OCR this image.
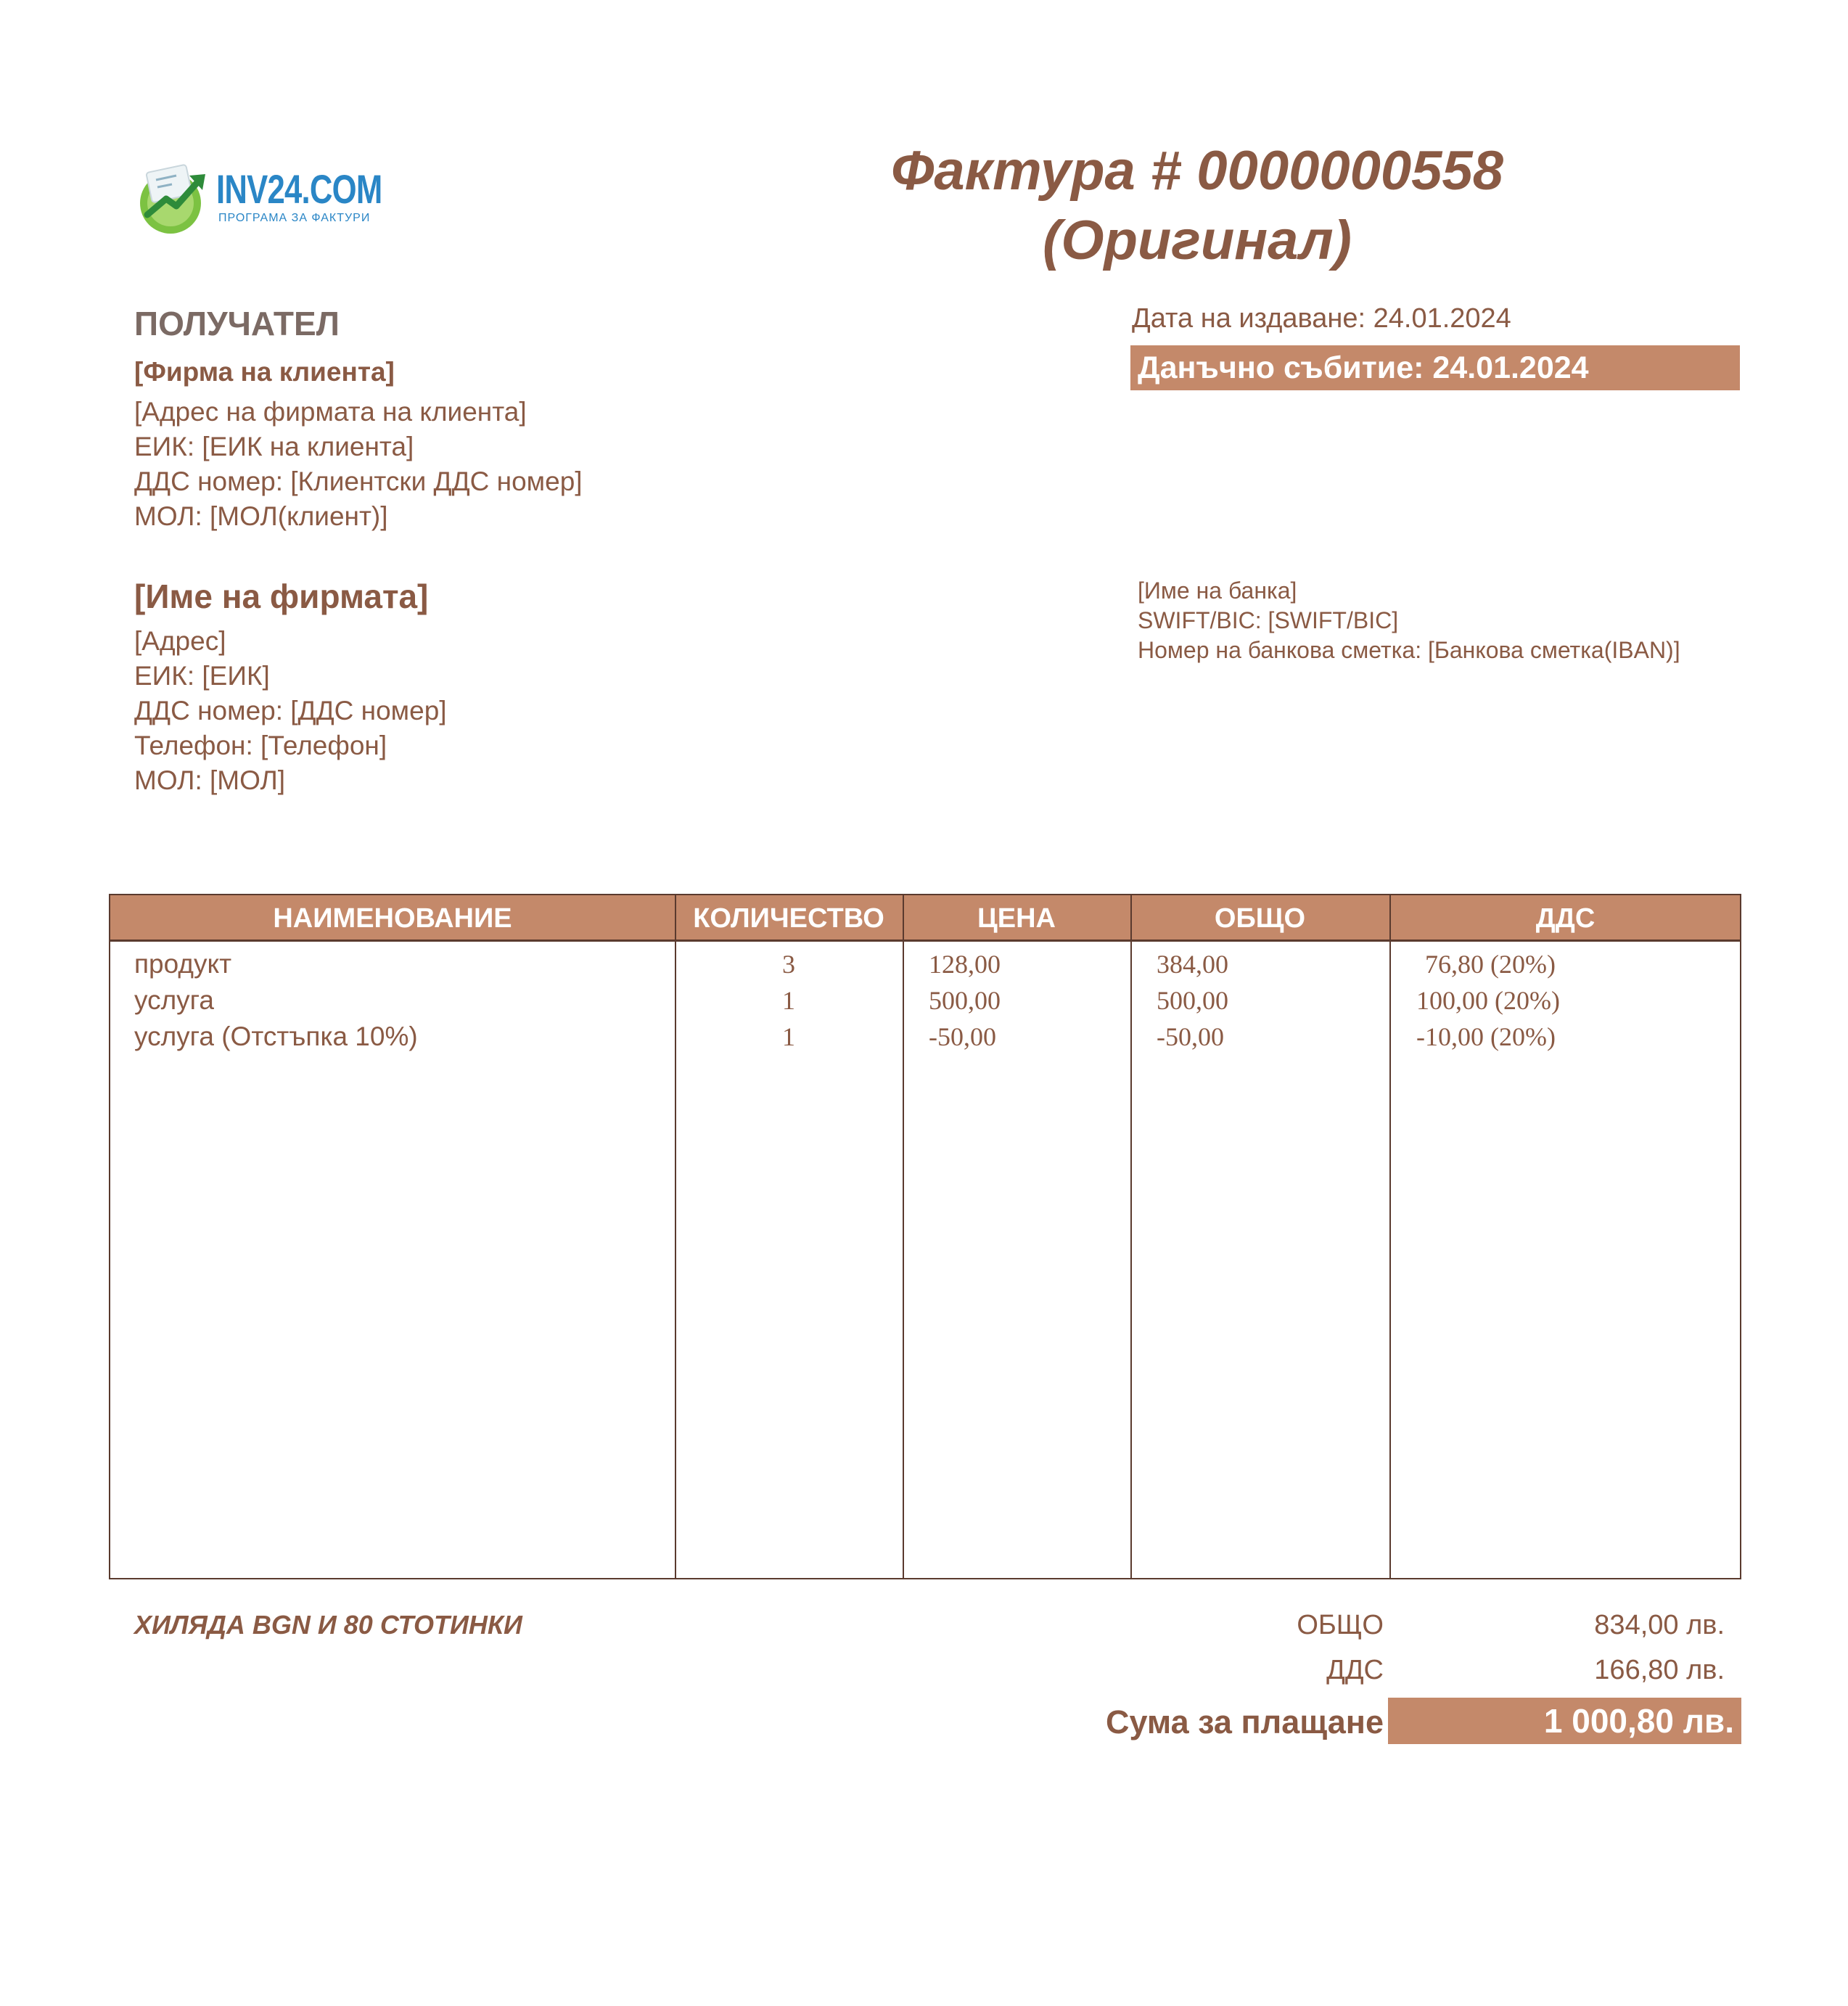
INV24.COM
ПРОГРАМА ЗА ФАКТУРИ
Фактура # 0000000558
(Оригинал)
ПОЛУЧАТЕЛ
[Фирма на клиента]
[Адрес на фирмата на клиента]
ЕИК: [ЕИК на клиента]
ДДС номер: [Клиентски ДДС номер]
МОЛ: [МОЛ(клиент)]
Дата на издаване: 24.01.2024
Данъчно събитие: 24.01.2024
[Име на фирмата]
[Адрес]
ЕИК: [ЕИК]
ДДС номер: [ДДС номер]
Телефон: [Телефон]
МОЛ: [МОЛ]
[Име на банка]
SWIFT/BIC: [SWIFT/BIC]
Номер на банкова сметка: [Банкова сметка(IBAN)]
НАИМЕНОВАНИЕ	КОЛИЧЕСТВО	ЦЕНА	ОБЩО	ДДС
продукт	3	128,00	384,00	76,80 (20%)
услуга	1	500,00	500,00	100,00 (20%)
услуга (Отстъпка 10%)	1	-50,00	-50,00	-10,00 (20%)
ХИЛЯДА BGN И 80 СТОТИНКИ	ОБЩО	834,00 лв.
ДДС	166,80 лв.
Сума за плащане	1 000,80 лв.
